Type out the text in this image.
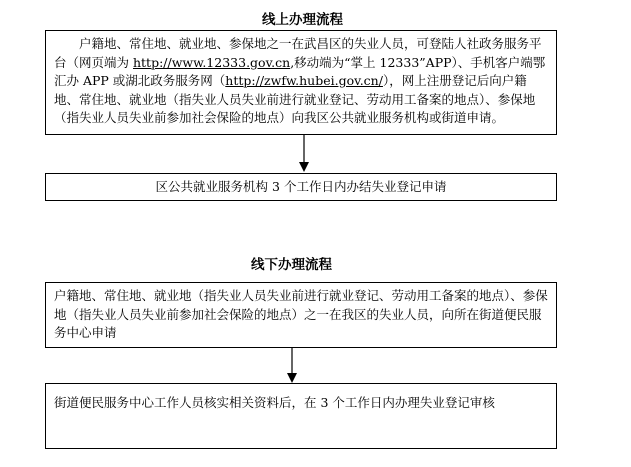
线上办理流程

　　户籍地、常住地、就业地、参保地之一在武昌区的失业人员，可登陆人社政务服务平台（网页端为 http://www.12333.gov.cn,移动端为“掌上 12333”APP）、手机客户端鄂汇办 APP 或湖北政务服务网（http://zwfw.hubei.gov.cn/），网上注册登记后向户籍地、常住地、就业地（指失业人员失业前进行就业登记、劳动用工备案的地点）、参保地（指失业人员失业前参加社会保险的地点）向我区公共就业服务机构或街道申请。

区公共就业服务机构 3 个工作日内办结失业登记申请

线下办理流程

户籍地、常住地、就业地（指失业人员失业前进行就业登记、劳动用工备案的地点）、参保地（指失业人员失业前参加社会保险的地点）之一在我区的失业人员，向所在街道便民服务中心申请

街道便民服务中心工作人员核实相关资料后，在 3 个工作日内办理失业登记审核
